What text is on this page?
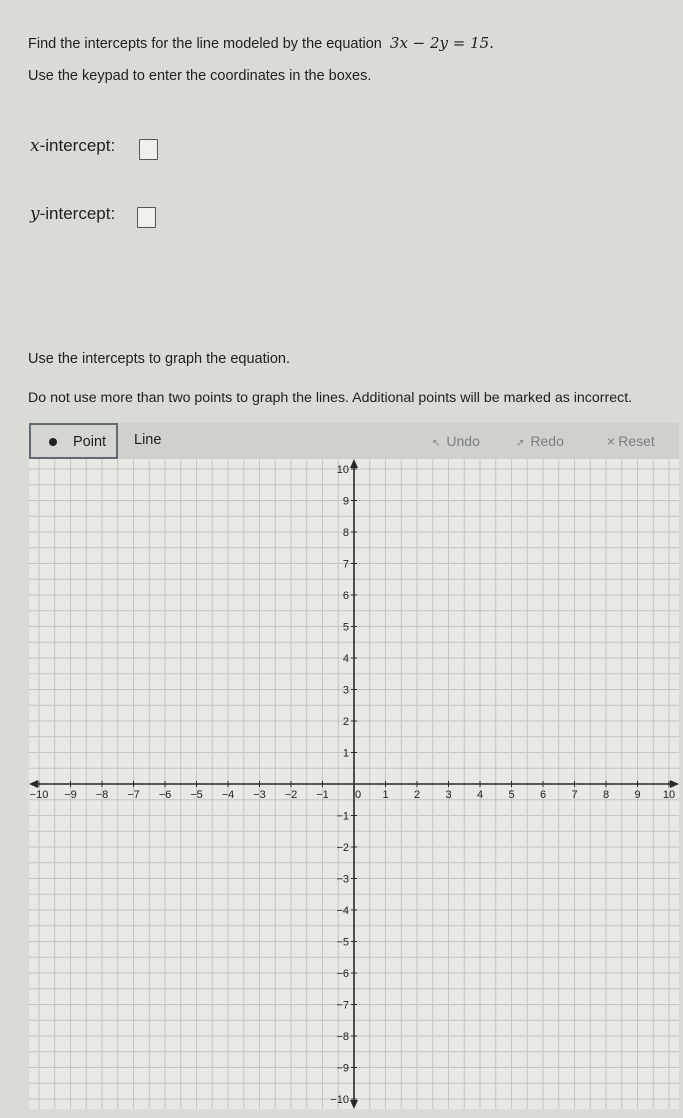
Find the intercepts for the line modeled by the equation 3x − 2y = 15.
Use the keypad to enter the coordinates in the boxes.
x-intercept:
y-intercept:
Use the intercepts to graph the equation.
Do not use more than two points to graph the lines. Additional points will be marked as incorrect.
Point	Line	↖ Undo	↗ Redo	× Reset
−10 −9 −8 −7 −6 −5 −4 −3 −2 −1 0 1 2 3 4 5 6 7 8 9 10
−10
−9
−8
−7
−6
−5
−4
−3
−2
−1
1
2
3
4
5
6
7
8
9
10
